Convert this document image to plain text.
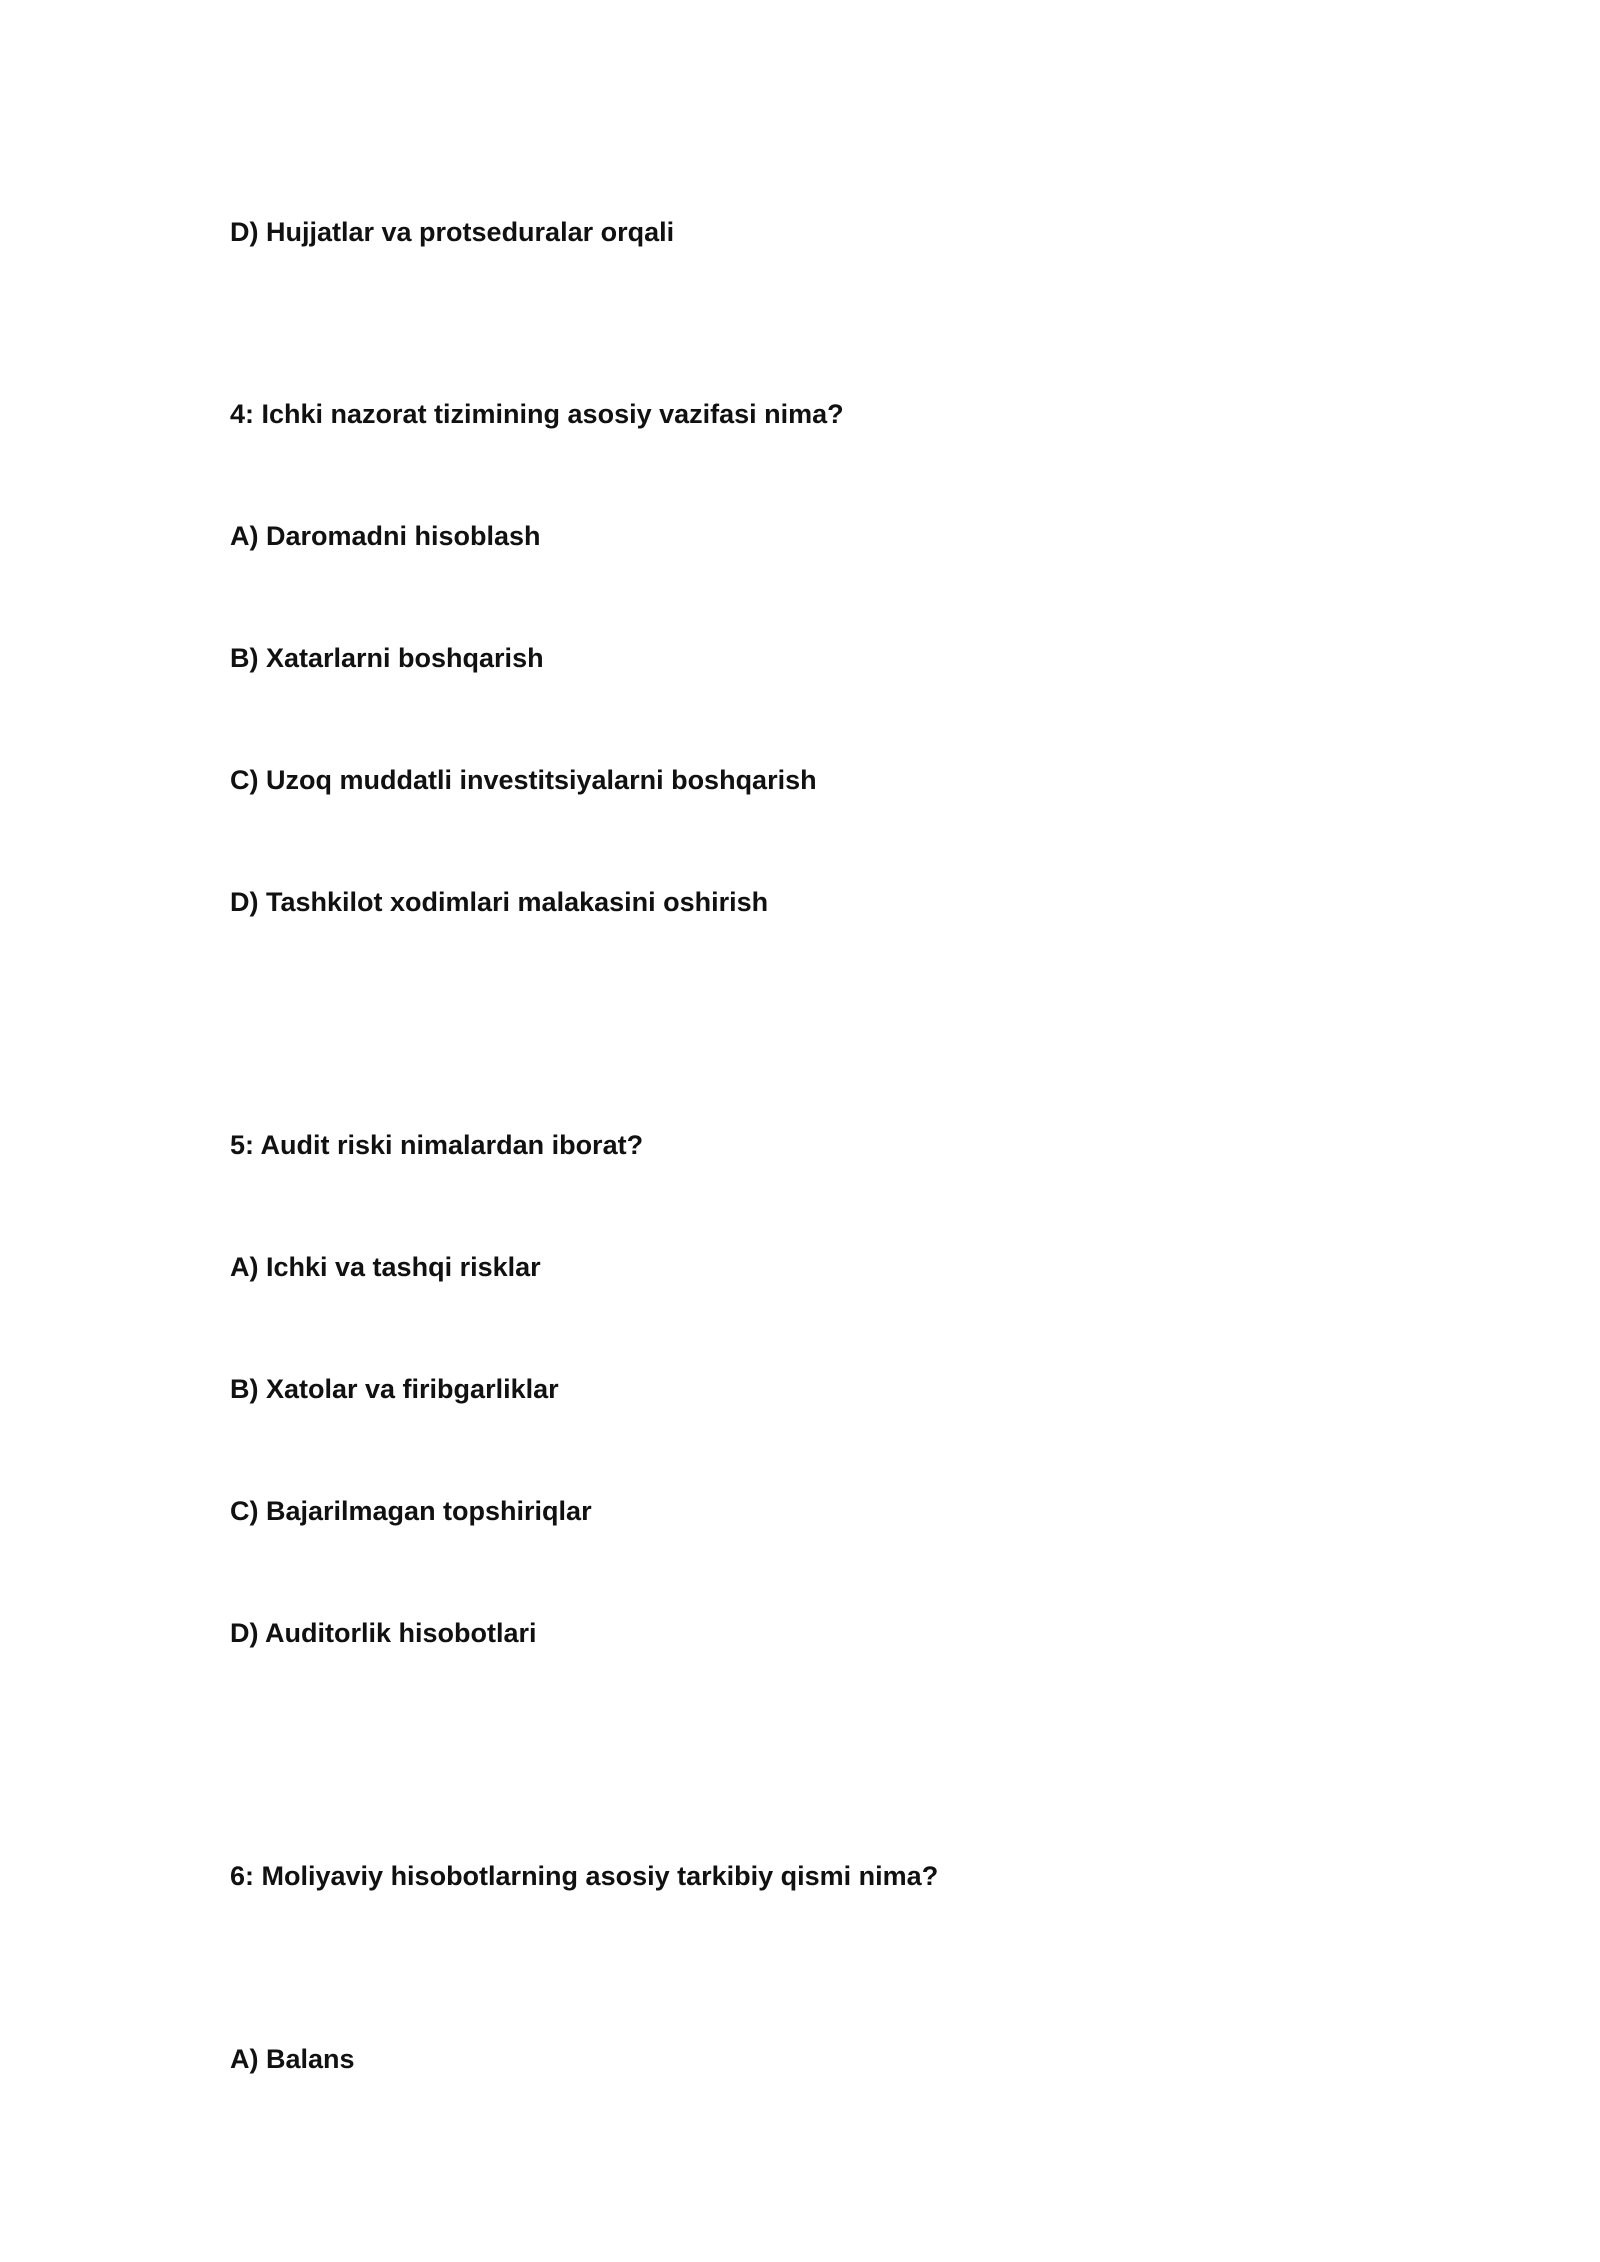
D) Hujjatlar va protseduralar orqali

4: Ichki nazorat tizimining asosiy vazifasi nima?

A) Daromadni hisoblash

B) Xatarlarni boshqarish

C) Uzoq muddatli investitsiyalarni boshqarish

D) Tashkilot xodimlari malakasini oshirish

5: Audit riski nimalardan iborat?

A) Ichki va tashqi risklar

B) Xatolar va firibgarliklar

C) Bajarilmagan topshiriqlar

D) Auditorlik hisobotlari

6: Moliyaviy hisobotlarning asosiy tarkibiy qismi nima?

A) Balans
